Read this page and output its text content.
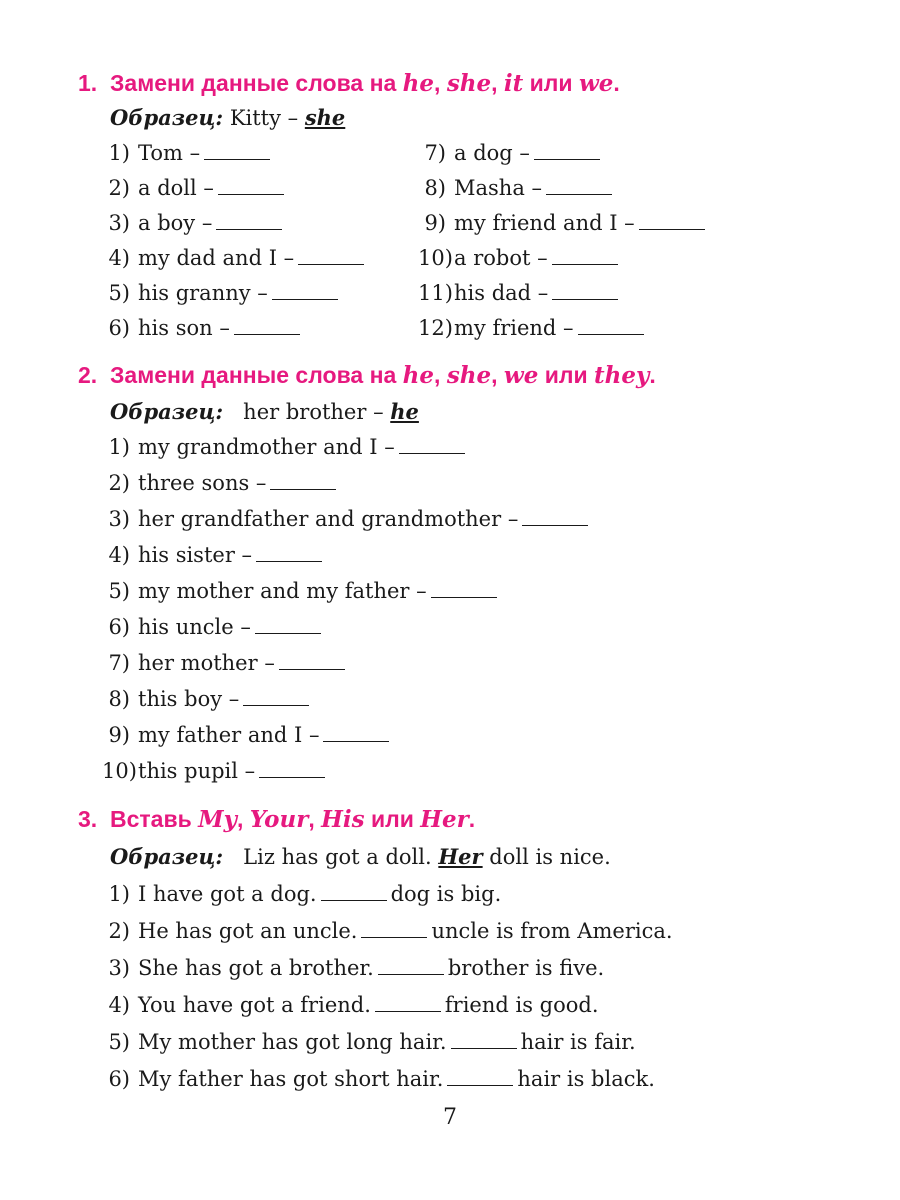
1. Замени данные слова на he, she, it или we.
Образец: Kitty – she
1) Tom –
2) a doll –
3) a boy –
4) my dad and I –
5) his granny –
6) his son –
7) a dog –
8) Masha –
9) my friend and I –
10)a robot –
11)his dad –
12)my friend –
2. Замени данные слова на he, she, we или they.
Образец:   her brother – he
1) my grandmother and I –
2) three sons –
3) her grandfather and grandmother –
4) his sister –
5) my mother and my father –
6) his uncle –
7) her mother –
8) this boy –
9) my father and I –
10)this pupil –
3. Вставь My, Your, His или Her.
Образец:   Liz has got a doll. Her doll is nice.
1) I have got a dog.	dog is big.
2) He has got an uncle.	uncle is from America.
3) She has got a brother.	brother is five.
4) You have got a friend.	friend is good.
5) My mother has got long hair.	hair is fair.
6) My father has got short hair.	hair is black.
7
